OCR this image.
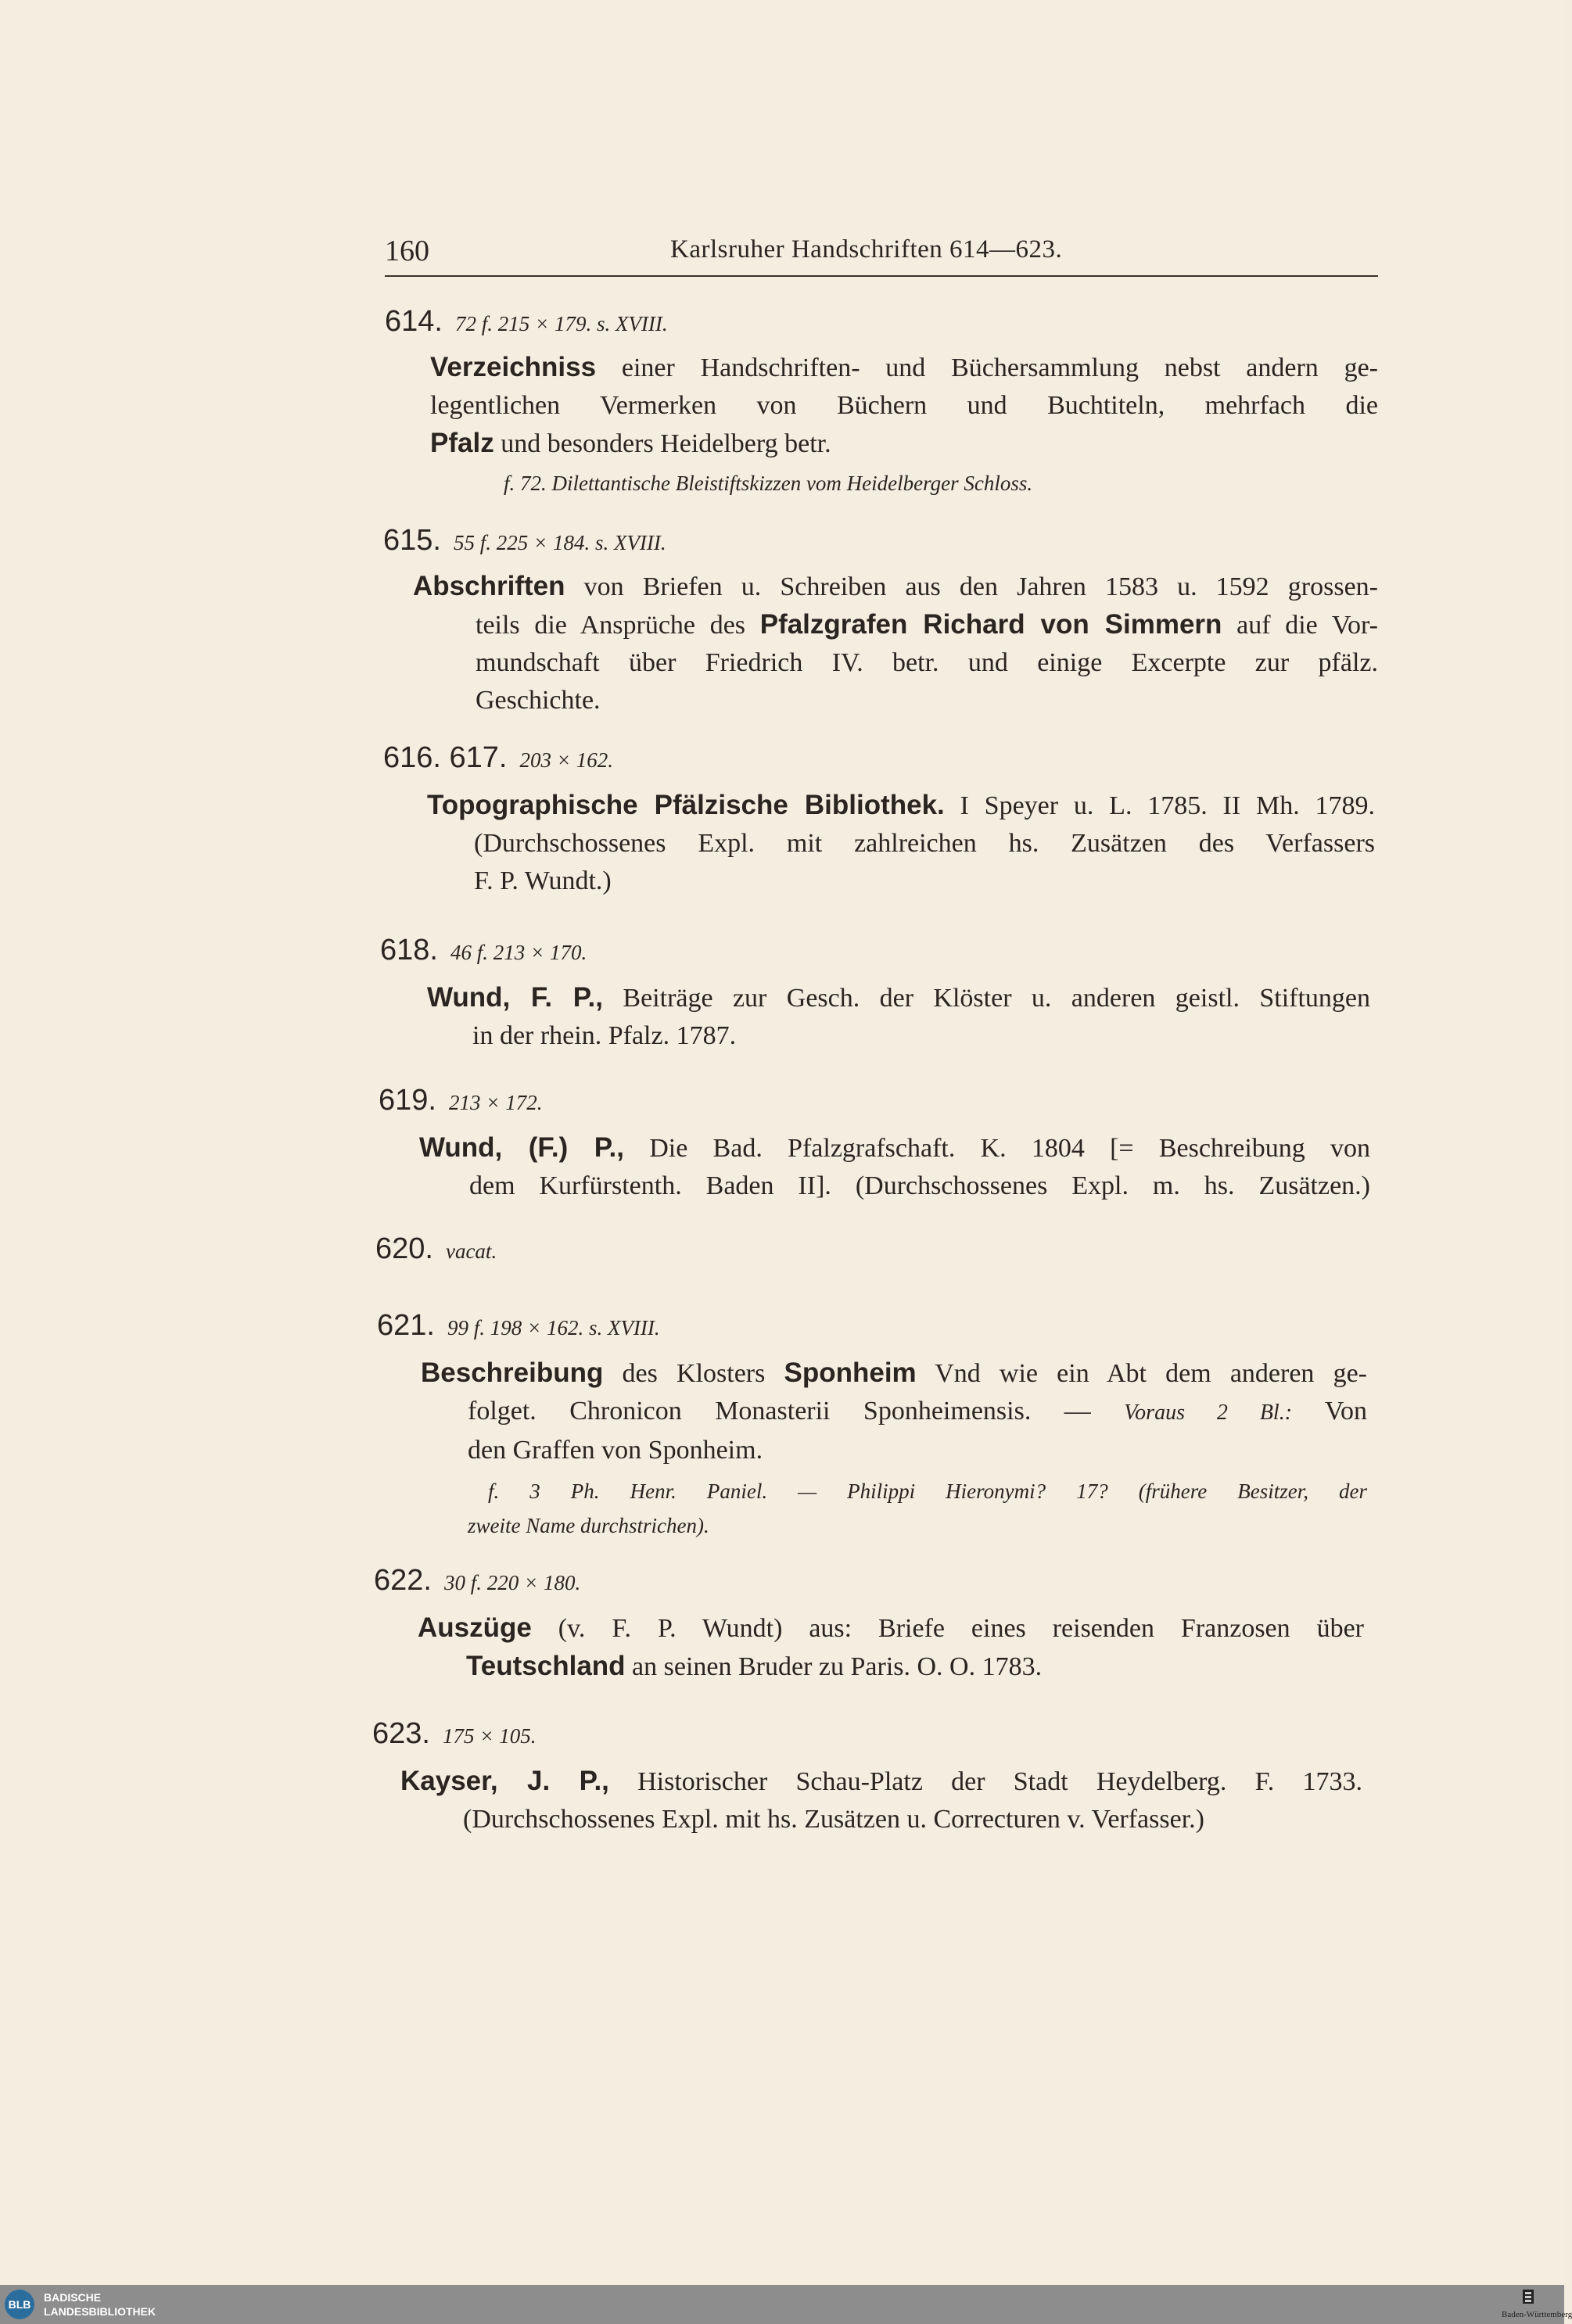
160	Karlsruher Handschriften 614—623.
614. 72 f. 215 × 179. s. XVIII.
Verzeichniss einer Handschriften- und Büchersammlung nebst andern ge-
legentlichen Vermerken von Büchern und Buchtiteln, mehrfach die
Pfalz und besonders Heidelberg betr.
f. 72. Dilettantische Bleistiftskizzen vom Heidelberger Schloss.
615. 55 f. 225 × 184. s. XVIII.
Abschriften von Briefen u. Schreiben aus den Jahren 1583 u. 1592 grossen-
teils die Ansprüche des Pfalzgrafen Richard von Simmern auf die Vor-
mundschaft über Friedrich IV. betr. und einige Excerpte zur pfälz.
Geschichte.
616. 617. 203 × 162.
Topographische Pfälzische Bibliothek. I Speyer u. L. 1785. II Mh. 1789.
(Durchschossenes Expl. mit zahlreichen hs. Zusätzen des Verfassers
F. P. Wundt.)
618. 46 f. 213 × 170.
Wund, F. P., Beiträge zur Gesch. der Klöster u. anderen geistl. Stiftungen
in der rhein. Pfalz. 1787.
619. 213 × 172.
Wund, (F.) P., Die Bad. Pfalzgrafschaft. K. 1804 [= Beschreibung von
dem Kurfürstenth. Baden II]. (Durchschossenes Expl. m. hs. Zusätzen.)
620. vacat.
621. 99 f. 198 × 162. s. XVIII.
Beschreibung des Klosters Sponheim Vnd wie ein Abt dem anderen ge-
folget. Chronicon Monasterii Sponheimensis. — Voraus 2 Bl.: Von
den Graffen von Sponheim.
f. 3 Ph. Henr. Paniel. — Philippi Hieronymi? 17? (frühere Besitzer, der
zweite Name durchstrichen).
622. 30 f. 220 × 180.
Auszüge (v. F. P. Wundt) aus: Briefe eines reisenden Franzosen über
Teutschland an seinen Bruder zu Paris. O. O. 1783.
623. 175 × 105.
Kayser, J. P., Historischer Schau-Platz der Stadt Heydelberg. F. 1733.
(Durchschossenes Expl. mit hs. Zusätzen u. Correcturen v. Verfasser.)
BLB
BADISCHE
LANDESBIBLIOTHEK	Baden-Württemberg
